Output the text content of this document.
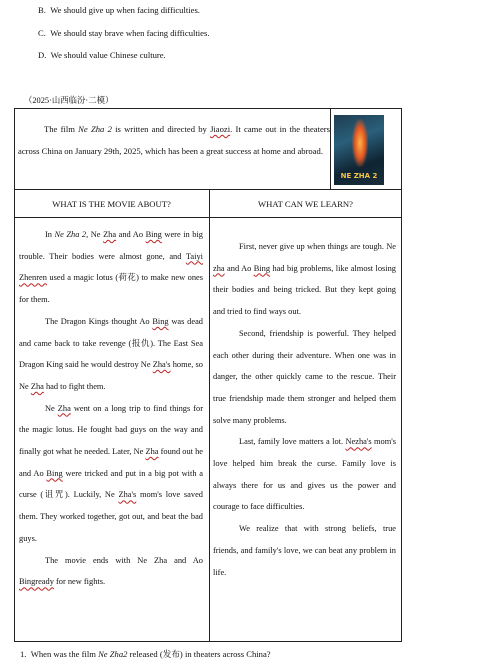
B. We should give up when facing difficulties.
C. We should stay brave when facing difficulties.
D. We should value Chinese culture.
（2025·山西临汾·二模）
The film Ne Zha 2 is written and directed by Jiaozi. It came out in the theaters across China on January 29th, 2025, which has been a great success at home and abroad.
NE ZHA 2
WHAT IS THE MOVIE ABOUT?	WHAT CAN WE LEARN?

In Ne Zha 2, Ne Zha and Ao Bing were in big trouble. Their bodies were almost gone, and Taiyi Zhenren used a magic lotus (荷花) to make new ones for them.

The Dragon Kings thought Ao Bing was dead and came back to take revenge (报仇). The East Sea Dragon King said he would destroy Ne Zha's home, so Ne Zha had to fight them.

Ne Zha went on a long trip to find things for the magic lotus. He fought bad guys on the way and finally got what he needed. Later, Ne Zha found out he and Ao Bing were tricked and put in a big pot with a curse (诅咒). Luckily, Ne Zha's mom's love saved them. They worked together, got out, and beat the bad guys.

The movie ends with Ne Zha and Ao Bingready for new fights.

First, never give up when things are tough. Ne zha and Ao Bing had big problems, like almost losing their bodies and being tricked. But they kept going and tried to find ways out.

Second, friendship is powerful. They helped each other during their adventure. When one was in danger, the other quickly came to the rescue. Their true friendship made them stronger and helped them solve many problems.

Last, family love matters a lot. Nezha's mom's love helped him break the curse. Family love is always there for us and gives us the power and courage to face difficulties.

We realize that with strong beliefs, true friends, and family's love, we can beat any problem in life.

1. When was the film Ne Zha2 released (发布) in theaters across China?
